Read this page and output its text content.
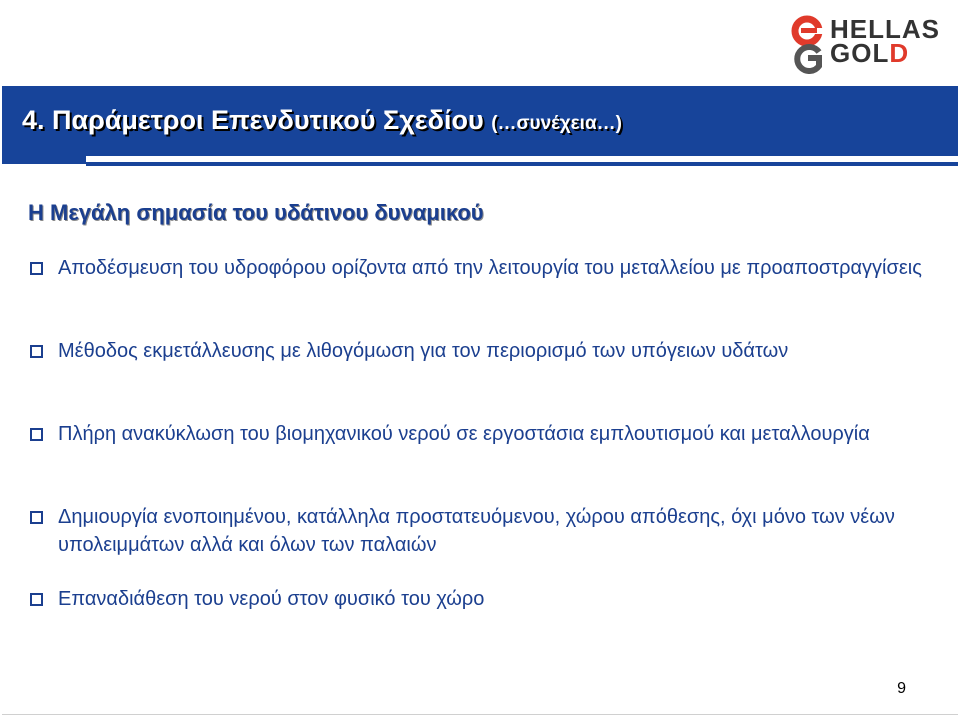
HELLAS
GOLD
4. Παράμετροι Επενδυτικού Σχεδίου (…συνέχεια…)
Η Μεγάλη σημασία του υδάτινου δυναμικού
Αποδέσμευση του υδροφόρου ορίζοντα από την λειτουργία του μεταλλείου με προαποστραγγίσεις
Μέθοδος εκμετάλλευσης με λιθογόμωση για τον περιορισμό των υπόγειων υδάτων
Πλήρη ανακύκλωση του βιομηχανικού νερού σε εργοστάσια εμπλουτισμού και μεταλλουργία
Δημιουργία ενοποιημένου, κατάλληλα προστατευόμενου, χώρου απόθεσης, όχι μόνο των νέων υπολειμμάτων αλλά και όλων των παλαιών
Επαναδιάθεση του νερού στον φυσικό του χώρο
9
